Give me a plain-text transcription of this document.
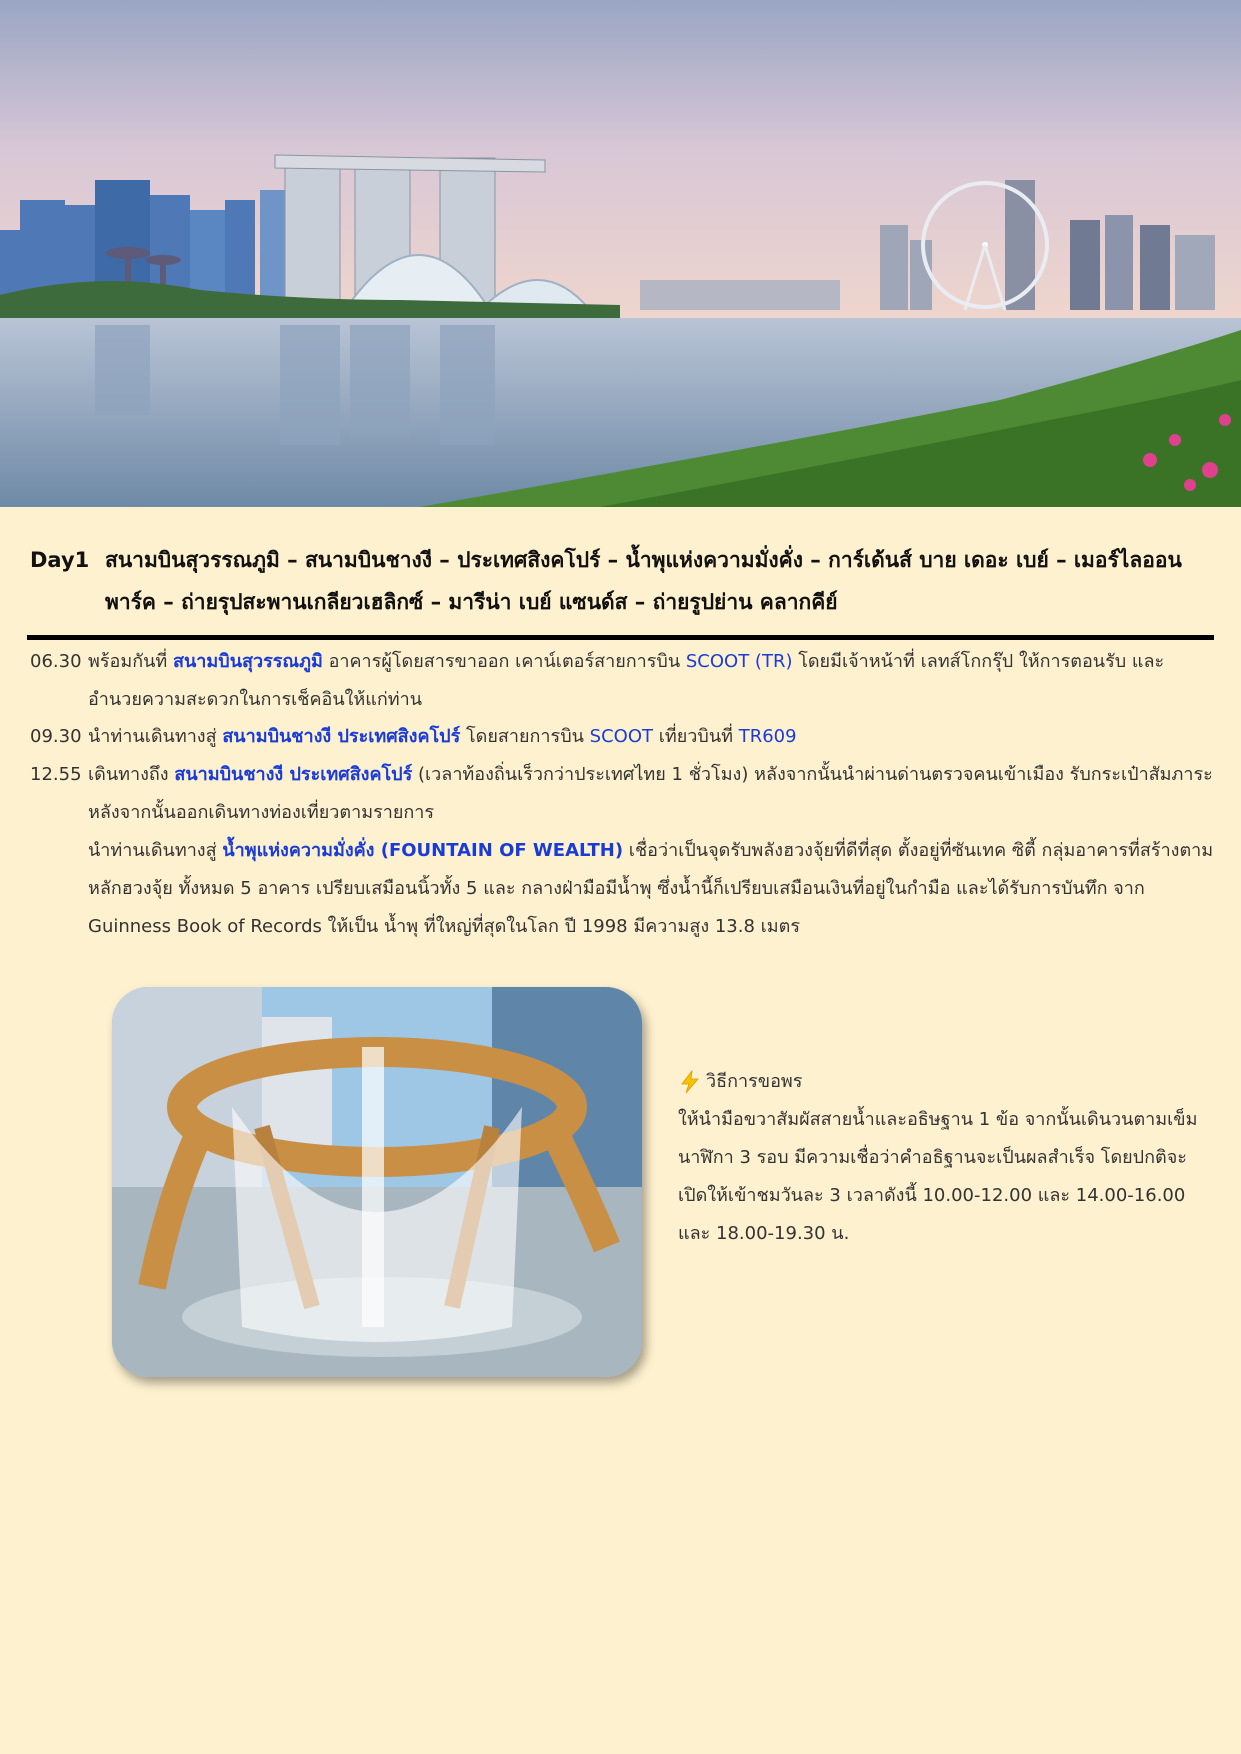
Day1 สนามบินสุวรรณภูมิ – สนามบินชางงี – ประเทศสิงคโปร์ – น้ำพุแห่งความมั่งคั่ง – การ์เด้นส์ บาย เดอะ เบย์ – เมอร์ไลออน พาร์ค – ถ่ายรุปสะพานเกลียวเฮลิกซ์ – มารีน่า เบย์ แซนด์ส – ถ่ายรูปย่าน คลากคีย์
06.30 พร้อมกันที่ สนามบินสุวรรณภูมิ อาคารผู้โดยสารขาออก เคาน์เตอร์สายการบิน SCOOT (TR) โดยมีเจ้าหน้าที่ เลทส์โกกรุ๊ป ให้การตอนรับ และอำนวยความสะดวกในการเช็คอินให้แก่ท่าน
09.30 นำท่านเดินทางสู่ สนามบินชางงี ประเทศสิงคโปร์ โดยสายการบิน SCOOT เที่ยวบินที่ TR609
12.55 เดินทางถึง สนามบินชางงี ประเทศสิงคโปร์ (เวลาท้องถิ่นเร็วกว่าประเทศไทย 1 ชั่วโมง) หลังจากนั้นนำผ่านด่านตรวจคนเข้าเมือง รับกระเป๋าสัมภาระ หลังจากนั้นออกเดินทางท่องเที่ยวตามรายการ
นำท่านเดินทางสู่ น้ำพุแห่งความมั่งคั่ง (FOUNTAIN OF WEALTH) เชื่อว่าเป็นจุดรับพลังฮวงจุ้ยที่ดีที่สุด ตั้งอยู่ที่ซันเทค ซิตี้ กลุ่มอาคารที่สร้างตามหลักฮวงจุ้ย ทั้งหมด 5 อาคาร เปรียบเสมือนนิ้วทั้ง 5 และ กลางฝ่ามือมีน้ำพุ ซึ่งน้ำนี้ก็เปรียบเสมือนเงินที่อยู่ในกำมือ และได้รับการบันทึก จาก Guinness Book of Records ให้เป็น น้ำพุ ที่ใหญ่ที่สุดในโลก ปี 1998 มีความสูง 13.8 เมตร
วิธีการขอพร
ให้นำมือขวาสัมผัสสายน้ำและอธิษฐาน 1 ข้อ จากนั้นเดินวนตามเข็มนาฬิกา 3 รอบ มีความเชื่อว่าคำอธิฐานจะเป็นผลสำเร็จ โดยปกติจะเปิดให้เข้าชมวันละ 3 เวลาดังนี้ 10.00-12.00 และ 14.00-16.00 และ 18.00-19.30 น.
